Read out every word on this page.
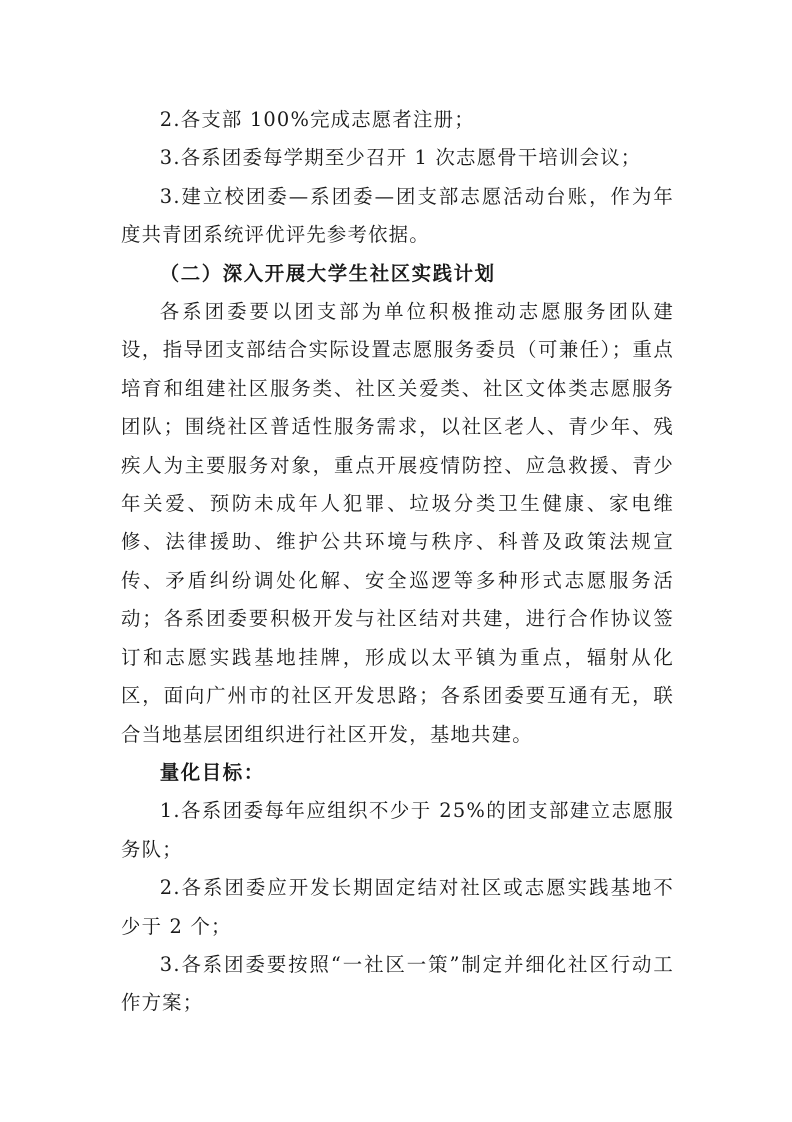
2.各支部 100%完成志愿者注册；

3.各系团委每学期至少召开 1 次志愿骨干培训会议；

3.建立校团委—系团委—团支部志愿活动台账，作为年度共青团系统评优评先参考依据。

（二）深入开展大学生社区实践计划

各系团委要以团支部为单位积极推动志愿服务团队建设，指导团支部结合实际设置志愿服务委员（可兼任）；重点培育和组建社区服务类、社区关爱类、社区文体类志愿服务团队；围绕社区普适性服务需求，以社区老人、青少年、残疾人为主要服务对象，重点开展疫情防控、应急救援、青少年关爱、预防未成年人犯罪、垃圾分类卫生健康、家电维修、法律援助、维护公共环境与秩序、科普及政策法规宣传、矛盾纠纷调处化解、安全巡逻等多种形式志愿服务活动；各系团委要积极开发与社区结对共建，进行合作协议签订和志愿实践基地挂牌，形成以太平镇为重点，辐射从化区，面向广州市的社区开发思路；各系团委要互通有无，联合当地基层团组织进行社区开发，基地共建。

量化目标：

1.各系团委每年应组织不少于 25%的团支部建立志愿服务队；

2.各系团委应开发长期固定结对社区或志愿实践基地不少于 2 个；

3.各系团委要按照“一社区一策”制定并细化社区行动工作方案；
